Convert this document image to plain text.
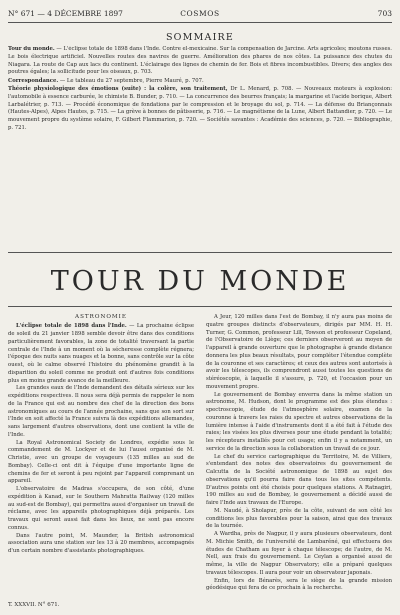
N° 671 — 4 DÉCEMBRE 1897	COSMOS	703
SOMMAIRE

Tour du monde. — L'éclipse totale de 1898 dans l'Inde. Contre el-mexicaine. Sur la compensation de Jarcine. Arts agricoles; moutons russes. Le bois électrique artificiel. Nouvelles routes des navires de guerre. Amélioration des phares de nos côtes. La puissance des chutes du Niagara. La route de Cap aux lacs du continent. L'éclairage des lignes de chemin de fer. Bois et fibres incombustibles. Divers; des angles des poutres égales; la sollicitude pour les oiseaux, p. 703.

Correspondance. — Le tableau du 27 septembre, Pierre Mauré, p. 707.

Théorie physiologique des émotions (suite) : la colère, son traitement, Dr L. Menard, p. 708. — Nouveaux moteurs à explosion: l'automobile à essence carburée, le chimiste B. Bunder, p. 710. — La concurrence des beurres français; la margarine et l'acide borique, Albert Larbalétrier, p. 713. — Procédé économique de fondations par le compression et le broyage du sol, p. 714. — La défense du Briançonnais (Hautes-Alpes), Alpes Hautes, p. 715. — La grève à bonnes de pâtisserie, p. 716. — Le magnétisme de la Lune, Albert Battandier, p. 720. — Le mouvement propre du système solaire, F. Gilbert Flammarion, p. 720. — Sociétés savantes : Académie des sciences, p. 720. — Bibliographie, p. 721.

TOUR DU MONDE
ASTRONOMIE

L'éclipse totale de 1898 dans l'Inde. — La prochaine éclipse de soleil du 21 janvier 1898 semble devoir être dans des conditions particulièrement favorables, la zone de totalité traversant la partie centrale de l'Inde à un moment où la sécheresse complète régnera; l'époque des nuits sans nuages et la bonne, sans contrôle sur la côte ouest, où le calme observé l'histoire du phénomène grandit à la disparition du soleil comme ne produit ont d'autres fois conditions plus en moins grande avance de la meilleure.

Les grandes eaux de l'Inde demandent des détails sérieux sur les expéditions respectives. Il nous sera déjà permis de rappeler le nom de la France qui est au nombre des chef de la direction des bons astronomiques au cours de l'année prochaine, sans que son sort sur l'Inde en soit affecté la France suivra là des expéditions allemandes, sans largement d'autres observations, dont une contient la ville de l'Inde.

La Royal Astronomical Society de Londres, expédie sous le commandement de M. Lockyer et de lui l'aussi organisé de M. Christie, avec un groupe de voyageurs (135 milles au sud de Bombay). Celle-ci ont dit à l'équipe d'une importante ligne de chemins de fer et seront à peu rejoint par l'appareil comprenant un appareil.

L'observatoire de Madras s'occupera, de son côté, d'une expédition à Kanad, sur le Southern Mahratta Railway (120 milles au sud-est de Bombay), qui permettra aussi d'organiser un travail de réclame, avec les appareils photographiques déjà préparés. Les travaux qui seront aussi fait dans les lieux, ne sont pas encore connus.

Dans l'autre point, M. Maunder, la British astronomical association aura une station sur les 13 à 20 membres, accompagnés d'un certain nombre d'assistants photographiques.

A Jeur, 120 milles dans l'est de Bombay, il n'y aura pas moins de quatre groupes distincts d'observateurs, dirigés par MM. H. H. Turner, G. Common, professeur Lill, Towson et professeur Copeland, de l'Observatoire de Liège; ces derniers observeront au moyen de l'appareil à grande ouverture que le photographe à grande distance donnera les plus beaux résultats, pour compléter l'étendue complète de la couronne et ses caractères; et ceux des autres sont autorisés à avoir les télescopes, ils comprendront aussi toutes les questions de stéréoscopie, à laquelle il s'assure, p. 720, et l'occasion pour un mouvement propre.

Le gouvernement de Bombay enverra dans la même station un astronome, M. Hudson, dont le programme est des plus étendus : spectroscopie, étude de l'atmosphère solaire, examen de la couronne à travers les raies du spectre et autres observations de la lumière intense à l'aide d'instruments dont il a été fait à l'étude des raies; les visées les plus diverses pour une étude pendant la totalité; les récepteurs installés pour cet usage; enfin il y a notamment, un service de la direction sous la collaboration un travail de ce jour.

Le chef du service cartographique du Territoire, M. de Villiers, s'entendant des notes des observatoires du gouvernement de Calcutta de la Société astronomique de 1898 au sujet des observations qu'il pourra faire dans tous les sites compétents. D'autres points ont été choisis pour quelques stations. A Ratnagiri, 190 milles au sud de Bombay, le gouvernement a décidé aussi de faire l'Inde aux travaux de l'Europe.

M. Naudé, à Sholapur, près de la côte, suivant de son côté les conditions les plus favorables pour la saison, ainsi que des travaux de la tournée.

A Wardha, près de Nagpur, il y aura plusieurs observateurs, dont M. Michie Smith, de l'université de Lambaréné, qui effectuera des études de Chatham au foyer à chaque télescope; de l'autre, de M. Nell, aux frais du gouvernement. Le Ceylan a organisé aussi de même, la ville de Nagpur Observatory; elle a préparé quelques travaux télescopes. Il aura pour voir un observateur japonais.

Enfin, lors de Bénarès, sera le siège de la grande mission géodésique qui fera de ce prochain à la recherche.

T. XXXVII. N° 671.
